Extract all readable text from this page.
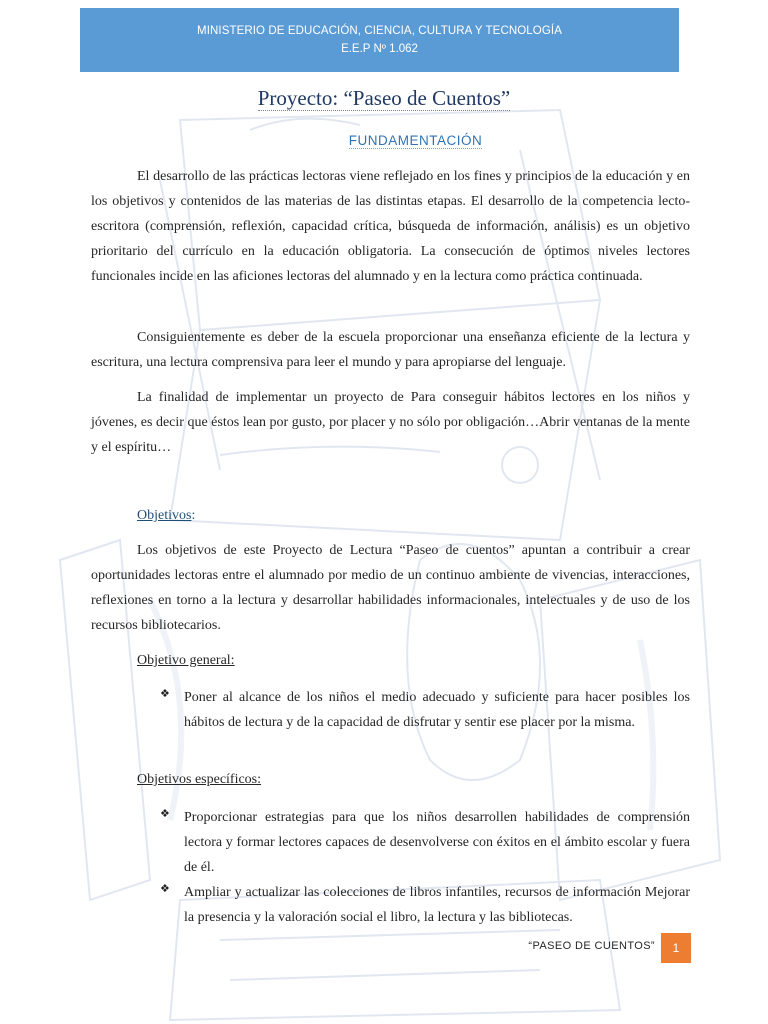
MINISTERIO DE EDUCACIÓN, CIENCIA, CULTURA Y TECNOLOGÍA
E.E.P Nº 1.062
Proyecto: “Paseo de Cuentos”
FUNDAMENTACIÓN

El desarrollo de las prácticas lectoras viene reflejado en los fines y principios de la educación y en los objetivos y contenidos de las materias de las distintas etapas. El desarrollo de la competencia lecto-escritora (comprensión, reflexión, capacidad crítica, búsqueda de información, análisis) es un objetivo prioritario del currículo en la educación obligatoria. La consecución de óptimos niveles lectores funcionales incide en las aficiones lectoras del alumnado y en la lectura como práctica continuada.

Consiguientemente es deber de la escuela proporcionar una enseñanza eficiente de la lectura y escritura, una lectura comprensiva para leer el mundo y para apropiarse del lenguaje.

La finalidad de implementar un proyecto de Para conseguir hábitos lectores en los niños y jóvenes, es decir que éstos lean por gusto, por placer y no sólo por obligación…Abrir ventanas de la mente y el espíritu…

Objetivos:

Los objetivos de este Proyecto de Lectura “Paseo de cuentos” apuntan a contribuir a crear oportunidades lectoras entre el alumnado por medio de un continuo ambiente de vivencias, interacciones, reflexiones en torno a la lectura y desarrollar habilidades informacionales, intelectuales y de uso de los recursos bibliotecarios.

Objetivo general:
❖ Poner al alcance de los niños el medio adecuado y suficiente para hacer posibles los hábitos de lectura y de la capacidad de disfrutar y sentir ese placer por la misma.

Objetivos específicos:
❖ Proporcionar estrategias para que los niños desarrollen habilidades de comprensión lectora y formar lectores capaces de desenvolverse con éxitos en el ámbito escolar y fuera de él.

❖ Ampliar y actualizar las colecciones de libros infantiles, recursos de información Mejorar la presencia y la valoración social el libro, la lectura y las bibliotecas.

“PASEO DE CUENTOS”	1
